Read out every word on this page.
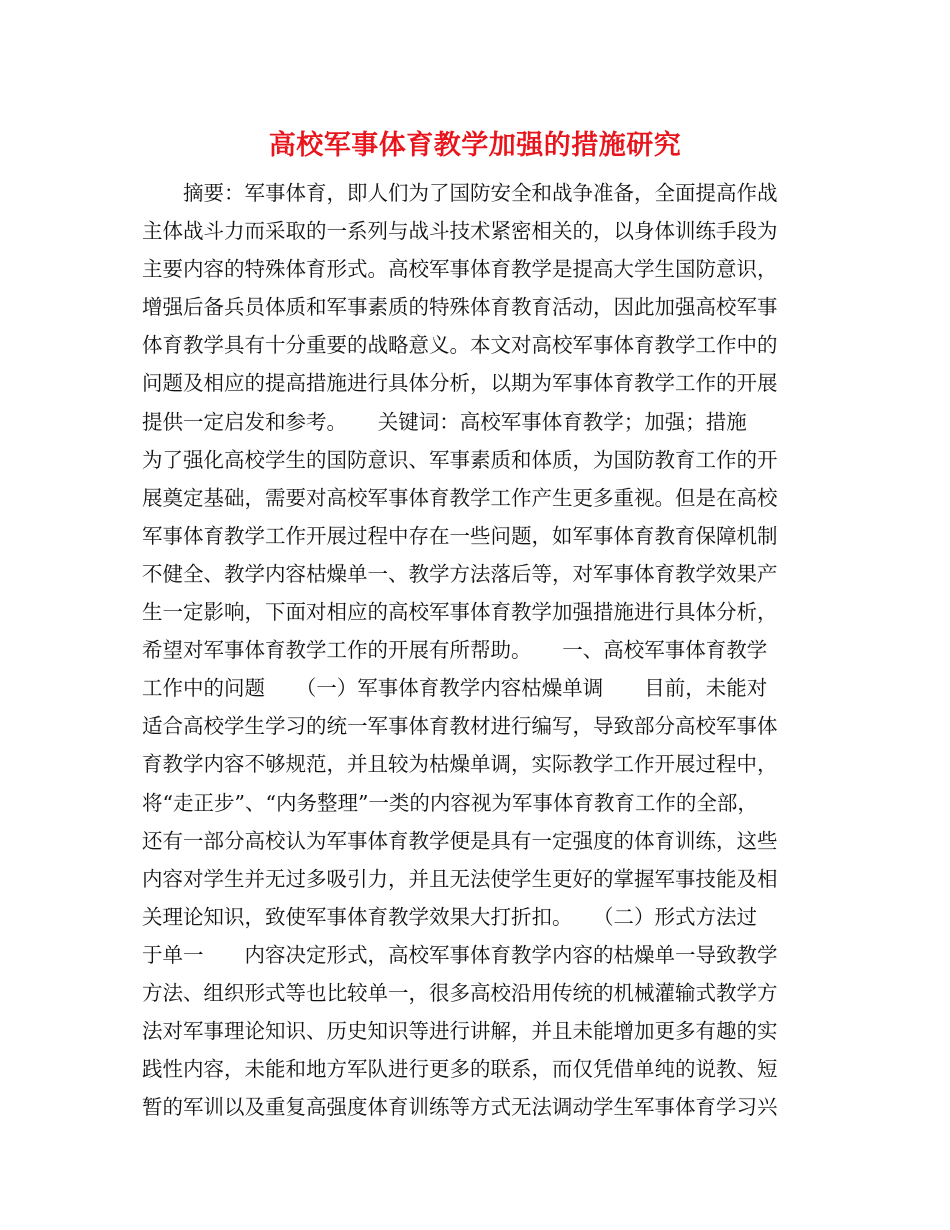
高校军事体育教学加强的措施研究
　　摘要：军事体育，即人们为了国防安全和战争准备，全面提高作战
主体战斗力而采取的一系列与战斗技术紧密相关的，以身体训练手段为
主要内容的特殊体育形式。高校军事体育教学是提高大学生国防意识，
增强后备兵员体质和军事素质的特殊体育教育活动，因此加强高校军事
体育教学具有十分重要的战略意义。本文对高校军事体育教学工作中的
问题及相应的提高措施进行具体分析，以期为军事体育教学工作的开展
提供一定启发和参考。　　关键词：高校军事体育教学；加强；措施
为了强化高校学生的国防意识、军事素质和体质，为国防教育工作的开
展奠定基础，需要对高校军事体育教学工作产生更多重视。但是在高校
军事体育教学工作开展过程中存在一些问题，如军事体育教育保障机制
不健全、教学内容枯燥单一、教学方法落后等，对军事体育教学效果产
生一定影响，下面对相应的高校军事体育教学加强措施进行具体分析，
希望对军事体育教学工作的开展有所帮助。　　一、高校军事体育教学
工作中的问题　　（一）军事体育教学内容枯燥单调　　目前，未能对
适合高校学生学习的统一军事体育教材进行编写，导致部分高校军事体
育教学内容不够规范，并且较为枯燥单调，实际教学工作开展过程中，
将“走正步”、“内务整理”一类的内容视为军事体育教育工作的全部，
还有一部分高校认为军事体育教学便是具有一定强度的体育训练，这些
内容对学生并无过多吸引力，并且无法使学生更好的掌握军事技能及相
关理论知识，致使军事体育教学效果大打折扣。　　（二）形式方法过
于单一　　内容决定形式，高校军事体育教学内容的枯燥单一导致教学
方法、组织形式等也比较单一，很多高校沿用传统的机械灌输式教学方
法对军事理论知识、历史知识等进行讲解，并且未能增加更多有趣的实
践性内容，未能和地方军队进行更多的联系，而仅凭借单纯的说教、短
暂的军训以及重复高强度体育训练等方式无法调动学生军事体育学习兴
